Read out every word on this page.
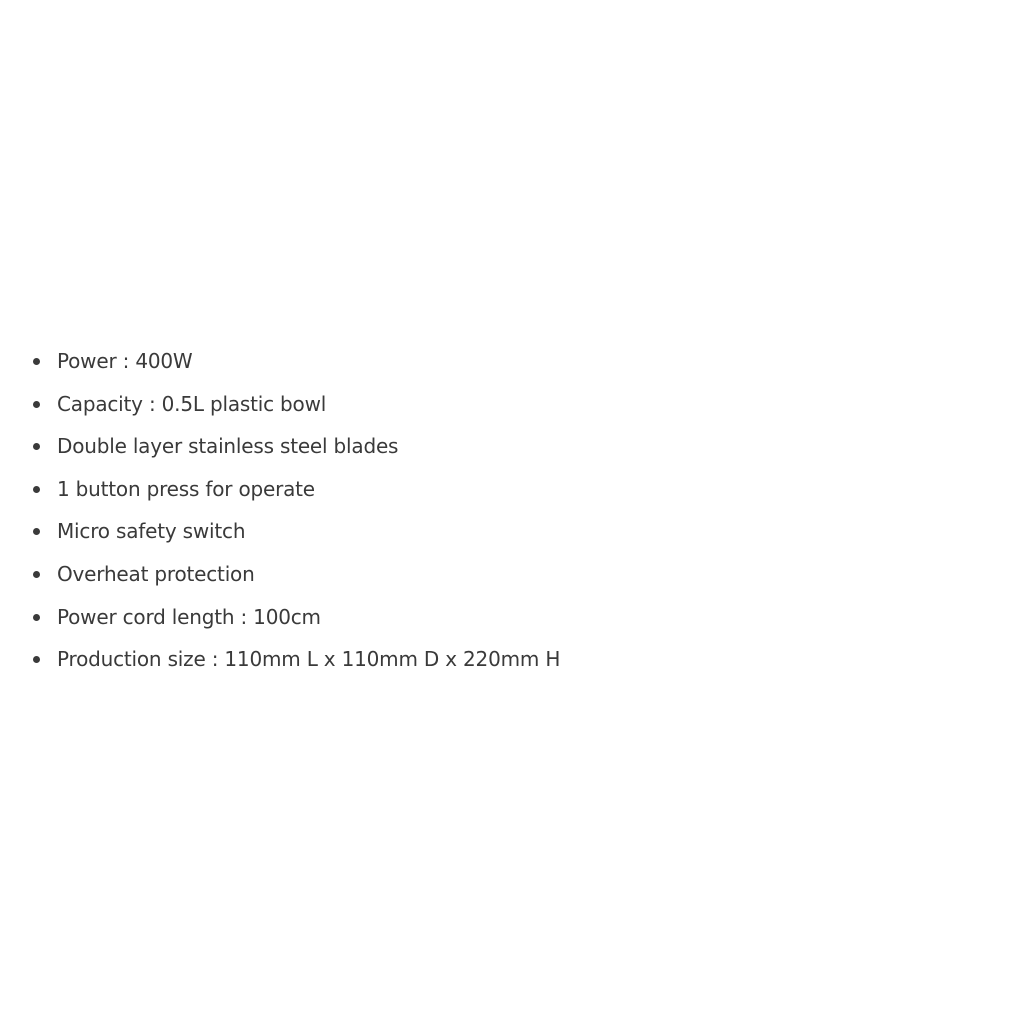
Power : 400W
Capacity : 0.5L plastic bowl
Double layer stainless steel blades
1 button press for operate
Micro safety switch
Overheat protection
Power cord length : 100cm
Production size : 110mm L x 110mm D x 220mm H
